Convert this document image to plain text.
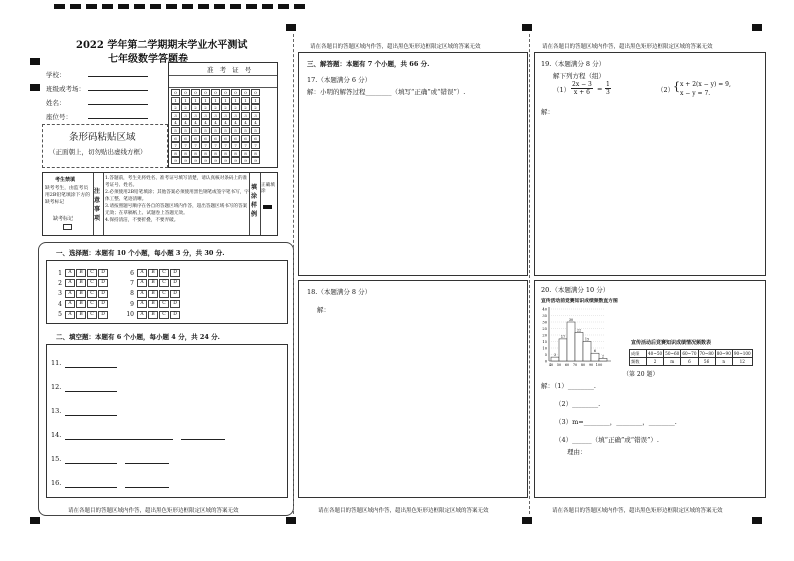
2022 学年第二学期期末学业水平测试
七年级数学答题卷
学校：
班级或考场：
姓名：
座位号：
准 考 证 号
0	0	0	0	0	0	0	0	0
1	1	1	1	1	1	1	1	1
2	2	2	2	2	2	2	2	2
3	3	3	3	3	3	3	3	3
4	4	4	4	4	4	4	4	4
5	5	5	5	5	5	5	5	5
6	6	6	6	6	6	6	6	6
7	7	7	7	7	7	7	7	7
8	8	8	8	8	8	8	8	8
9	9	9	9	9	9	9	9	9
条形码粘贴区域
（正面朝上，切勿贴出虚线方框）
考生禁填
缺考考生，由监考员用2B铅笔填涂下方的缺考标记
缺考标记
注意事项
1.答题前，考生先将姓名、准考证号填写清楚，请认真核对条码上的准考证号、姓名。
2.必须使用2B铅笔填涂；其他答案必须使用黑色钢笔或签字笔书写，字体工整、笔迹清晰。
3.请按照题号顺序在各自的答题区域内作答，超出答题区域书写的答案无效；在草稿纸上、试题卷上答题无效。
4.保持清洁，不要折叠，不要弄破。
填涂样例
正确填涂
一、选择题：本题有 10 个小题，每小题 3 分，共 30 分.
1	A	B	C	D
2	A	B	C	D
3	A	B	C	D
4	A	B	C	D
5	A	B	C	D
6	A	B	C	D
7	A	B	C	D
8	A	B	C	D
9	A	B	C	D
10	A	B	C	D
二、填空题：本题有 6 个小题，每小题 4 分，共 24 分.
11.
12.
13.
14.
15.
16.
请在各题目的答题区域内作答，超出黑色矩形边框限定区域的答案无效
请在各题目的答题区域内作答，超出黑色矩形边框限定区域的答案无效
三、解答题：本题有 7 个小题，共 66 分.
17.（本题满分 6 分）
解：小明的解答过程________（填写“正确”或“错误”）.
18.（本题满分 8 分）
解：
请在各题目的答题区域内作答，超出黑色矩形边框限定区域的答案无效
请在各题目的答题区域内作答，超出黑色矩形边框限定区域的答案无效
19.（本题满分 8 分）
解下列方程（组）
（1）
2x − 3
x + 6	=
1
3	（2）
{ x + 2(x − y) = 9,
x − y = 7.
解：
20.（本题满分 10 分）
宣传活动前竞赛知识成绩频数直方图
0
5
10
15
20
25
30
35
40
3
17
30
22
15
6
2
40 50 60 70 80 90 100
宣传活动后竞赛知识成绩情况频数表
成绩	40~50	50~60	60~70	70~80	80~90	90~100
频数	2	m	6	56	n	12
（第 20 题）
解：（1）________.
（2）________.
（3）m=________，________，________.
（4）______（填“正确”或“错误”）.
理由：
请在各题目的答题区域内作答，超出黑色矩形边框限定区域的答案无效
